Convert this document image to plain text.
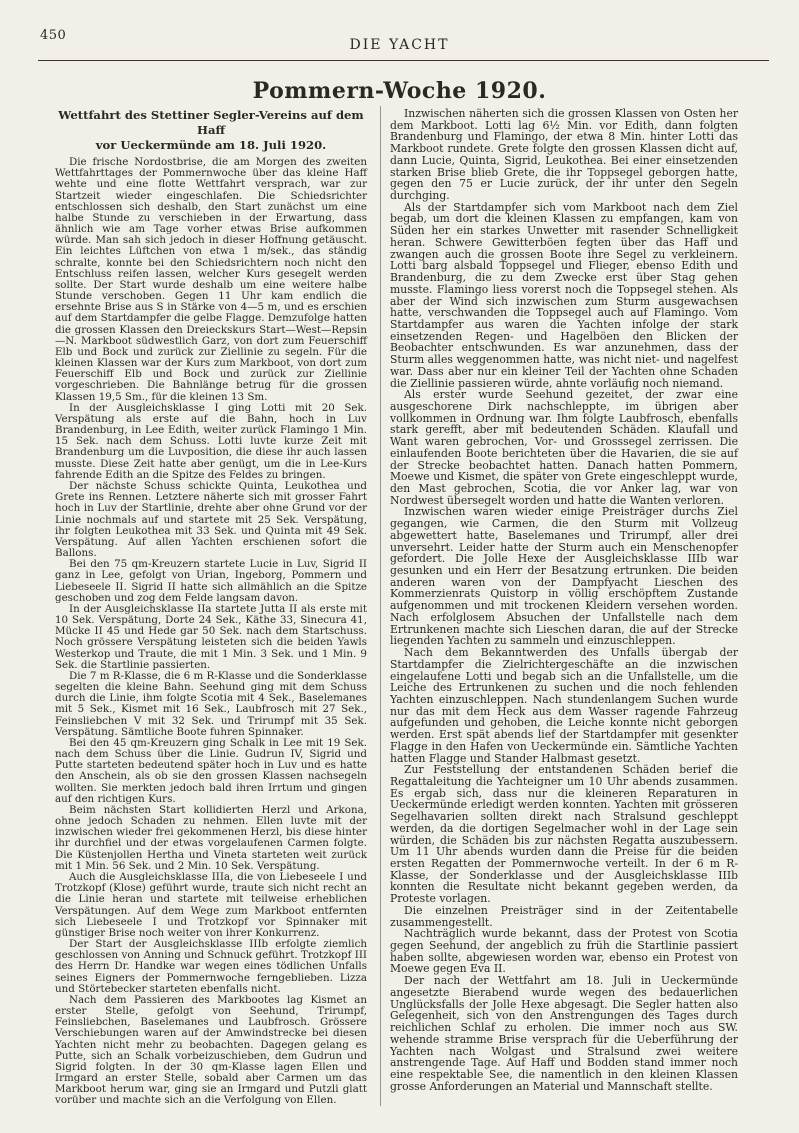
450
DIE YACHT
Pommern-Woche 1920.
Wettfahrt des Stettiner Segler-Vereins auf dem Haff
vor Ueckermünde am 18. Juli 1920.

Die frische Nordostbrise, die am Morgen des zweiten Wettfahrttages der Pommernwoche über das kleine Haff wehte und eine flotte Wettfahrt versprach, war zur Startzeit wieder eingeschlafen. Die Schiedsrichter entschlossen sich deshalb, den Start zunächst um eine halbe Stunde zu verschieben in der Erwartung, dass ähnlich wie am Tage vorher etwas Brise aufkommen würde. Man sah sich jedoch in dieser Hoffnung getäuscht. Ein leichtes Lüftchen von etwa 1 m/sek., das ständig schralte, konnte bei den Schiedsrichtern noch nicht den Entschluss reifen lassen, welcher Kurs gesegelt werden sollte. Der Start wurde deshalb um eine weitere halbe Stunde verschoben. Gegen 11 Uhr kam endlich die ersehnte Brise aus S in Stärke von 4—5 m, und es erschien auf dem Startdampfer die gelbe Flagge. Demzufolge hatten die grossen Klassen den Dreieckskurs Start—West—Repsin—N. Markboot südwestlich Garz, von dort zum Feuerschiff Elb und Bock und zurück zur Ziellinie zu segeln. Für die kleinen Klassen war der Kurs zum Markboot, von dort zum Feuerschiff Elb und Bock und zurück zur Ziellinie vorgeschrieben. Die Bahnlänge betrug für die grossen Klassen 19,5 Sm., für die kleinen 13 Sm.

In der Ausgleichsklasse I ging Lotti mit 20 Sek. Verspätung als erste auf die Bahn, hoch in Luv Brandenburg, in Lee Edith, weiter zurück Flamingo 1 Min. 15 Sek. nach dem Schuss. Lotti luvte kurze Zeit mit Brandenburg um die Luvposition, die diese ihr auch lassen musste. Diese Zeit hatte aber genügt, um die in Lee-Kurs fahrende Edith an die Spitze des Feldes zu bringen.

Der nächste Schuss schickte Quinta, Leukothea und Grete ins Rennen. Letztere näherte sich mit grosser Fahrt hoch in Luv der Startlinie, drehte aber ohne Grund vor der Linie nochmals auf und startete mit 25 Sek. Verspätung, ihr folgten Leukothea mit 33 Sek. und Quinta mit 49 Sek. Verspätung. Auf allen Yachten erschienen sofort die Ballons.

Bei den 75 qm-Kreuzern startete Lucie in Luv, Sigrid II ganz in Lee, gefolgt von Urian, Ingeborg, Pommern und Liebeseele II. Sigrid II hatte sich allmählich an die Spitze geschoben und zog dem Felde langsam davon.

In der Ausgleichsklasse IIa startete Jutta II als erste mit 10 Sek. Verspätung, Dorte 24 Sek., Käthe 33, Sinecura 41, Mücke II 45 und Hede gar 50 Sek. nach dem Startschuss. Noch grössere Verspätung leisteten sich die beiden Yawls Westerkop und Traute, die mit 1 Min. 3 Sek. und 1 Min. 9 Sek. die Startlinie passierten.

Die 7 m R-Klasse, die 6 m R-Klasse und die Sonderklasse segelten die kleine Bahn. Seehund ging mit dem Schuss durch die Linie, ihm folgte Scotia mit 4 Sek., Baselemanes mit 5 Sek., Kismet mit 16 Sek., Laubfrosch mit 27 Sek., Feinsliebchen V mit 32 Sek. und Trirumpf mit 35 Sek. Verspätung. Sämtliche Boote fuhren Spinnaker.

Bei den 45 qm-Kreuzern ging Schalk in Lee mit 19 Sek. nach dem Schuss über die Linie. Gudrun IV, Sigrid und Putte starteten bedeutend später hoch in Luv und es hatte den Anschein, als ob sie den grossen Klassen nachsegeln wollten. Sie merkten jedoch bald ihren Irrtum und gingen auf den richtigen Kurs.

Beim nächsten Start kollidierten Herzl und Arkona, ohne jedoch Schaden zu nehmen. Ellen luvte mit der inzwischen wieder frei gekommenen Herzl, bis diese hinter ihr durchfiel und der etwas vorgelaufenen Carmen folgte. Die Küstenjollen Hertha und Vineta starteten weit zurück mit 1 Min. 56 Sek. und 2 Min. 10 Sek. Verspätung.

Auch die Ausgleichsklasse IIIa, die von Liebeseele I und Trotzkopf (Klose) geführt wurde, traute sich nicht recht an die Linie heran und startete mit teilweise erheblichen Verspätungen. Auf dem Wege zum Markboot entfernten sich Liebeseele I und Trotzkopf vor Spinnaker mit günstiger Brise noch weiter von ihrer Konkurrenz.

Der Start der Ausgleichsklasse IIIb erfolgte ziemlich geschlossen von Anning und Schnuck geführt. Trotzkopf III des Herrn Dr. Handke war wegen eines tödlichen Unfalls seines Eigners der Pommernwoche ferngeblieben. Lizza und Störtebecker starteten ebenfalls nicht.

Nach dem Passieren des Markbootes lag Kismet an erster Stelle, gefolgt von Seehund, Trirumpf, Feinsliebchen, Baselemanes und Laubfrosch. Grössere Verschiebungen waren auf der Amwindstrecke bei diesen Yachten nicht mehr zu beobachten. Dagegen gelang es Putte, sich an Schalk vorbeizuschieben, dem Gudrun und Sigrid folgten. In der 30 qm-Klasse lagen Ellen und Irmgard an erster Stelle, sobald aber Carmen um das Markboot herum war, ging sie an Irmgard und Putzli glatt vorüber und machte sich an die Verfolgung von Ellen.

Inzwischen näherten sich die grossen Klassen von Osten her dem Markboot. Lotti lag 6½ Min. vor Edith, dann folgten Brandenburg und Flamingo, der etwa 8 Min. hinter Lotti das Markboot rundete. Grete folgte den grossen Klassen dicht auf, dann Lucie, Quinta, Sigrid, Leukothea. Bei einer einsetzenden starken Brise blieb Grete, die ihr Toppsegel geborgen hatte, gegen den 75 er Lucie zurück, der ihr unter den Segeln durchging.

Als der Startdampfer sich vom Markboot nach dem Ziel begab, um dort die kleinen Klassen zu empfangen, kam von Süden her ein starkes Unwetter mit rasender Schnelligkeit heran. Schwere Gewitterböen fegten über das Haff und zwangen auch die grossen Boote ihre Segel zu verkleinern. Lotti barg alsbald Toppsegel und Flieger, ebenso Edith und Brandenburg, die zu dem Zwecke erst über Stag gehen musste. Flamingo liess vorerst noch die Toppsegel stehen. Als aber der Wind sich inzwischen zum Sturm ausgewachsen hatte, verschwanden die Toppsegel auch auf Flamingo. Vom Startdampfer aus waren die Yachten infolge der stark einsetzenden Regen- und Hagelböen den Blicken der Beobachter entschwunden. Es war anzunehmen, dass der Sturm alles weggenommen hatte, was nicht niet- und nagelfest war. Dass aber nur ein kleiner Teil der Yachten ohne Schaden die Ziellinie passieren würde, ahnte vorläufig noch niemand.

Als erster wurde Seehund gezeitet, der zwar eine ausgeschorene Dirk nachschleppte, im übrigen aber vollkommen in Ordnung war. Ihm folgte Laubfrosch, ebenfalls stark gerefft, aber mit bedeutenden Schäden. Klaufall und Want waren gebrochen, Vor- und Grosssegel zerrissen. Die einlaufenden Boote berichteten über die Havarien, die sie auf der Strecke beobachtet hatten. Danach hatten Pommern, Moewe und Kismet, die später von Grete eingeschleppt wurde, den Mast gebrochen, Scotia, die vor Anker lag, war von Nordwest übersegelt worden und hatte die Wanten verloren.

Inzwischen waren wieder einige Preisträger durchs Ziel gegangen, wie Carmen, die den Sturm mit Vollzeug abgewettert hatte, Baselemanes und Trirumpf, aller drei unversehrt. Leider hatte der Sturm auch ein Menschenopfer gefordert. Die Jolle Hexe der Ausgleichsklasse IIIb war gesunken und ein Herr der Besatzung ertrunken. Die beiden anderen waren von der Dampfyacht Lieschen des Kommerzienrats Quistorp in völlig erschöpftem Zustande aufgenommen und mit trockenen Kleidern versehen worden. Nach erfolglosem Absuchen der Unfallstelle nach dem Ertrunkenen machte sich Lieschen daran, die auf der Strecke liegenden Yachten zu sammeln und einzuschleppen.

Nach dem Bekanntwerden des Unfalls übergab der Startdampfer die Zielrichtergeschäfte an die inzwischen eingelaufene Lotti und begab sich an die Unfallstelle, um die Leiche des Ertrunkenen zu suchen und die noch fehlenden Yachten einzuschleppen. Nach stundenlangem Suchen wurde nur das mit dem Heck aus dem Wasser ragende Fahrzeug aufgefunden und gehoben, die Leiche konnte nicht geborgen werden. Erst spät abends lief der Startdampfer mit gesenkter Flagge in den Hafen von Ueckermünde ein. Sämtliche Yachten hatten Flagge und Stander Halbmast gesetzt.

Zur Feststellung der entstandenen Schäden berief die Regattaleitung die Yachteigner um 10 Uhr abends zusammen. Es ergab sich, dass nur die kleineren Reparaturen in Ueckermünde erledigt werden konnten. Yachten mit grösseren Segelhavarien sollten direkt nach Stralsund geschleppt werden, da die dortigen Segelmacher wohl in der Lage sein würden, die Schäden bis zur nächsten Regatta auszubessern. Um 11 Uhr abends wurden dann die Preise für die beiden ersten Regatten der Pommernwoche verteilt. In der 6 m R-Klasse, der Sonderklasse und der Ausgleichsklasse IIIb konnten die Resultate nicht bekannt gegeben werden, da Proteste vorlagen.

Die einzelnen Preisträger sind in der Zeitentabelle zusammengestellt.

Nachträglich wurde bekannt, dass der Protest von Scotia gegen Seehund, der angeblich zu früh die Startlinie passiert haben sollte, abgewiesen worden war, ebenso ein Protest von Moewe gegen Eva II.

Der nach der Wettfahrt am 18. Juli in Ueckermünde angesetzte Bierabend wurde wegen des bedauerlichen Unglücksfalls der Jolle Hexe abgesagt. Die Segler hatten also Gelegenheit, sich von den Anstrengungen des Tages durch reichlichen Schlaf zu erholen. Die immer noch aus SW. wehende stramme Brise versprach für die Ueberführung der Yachten nach Wolgast und Stralsund zwei weitere anstrengende Tage. Auf Haff und Bodden stand immer noch eine respektable See, die namentlich in den kleinen Klassen grosse Anforderungen an Material und Mannschaft stellte.
